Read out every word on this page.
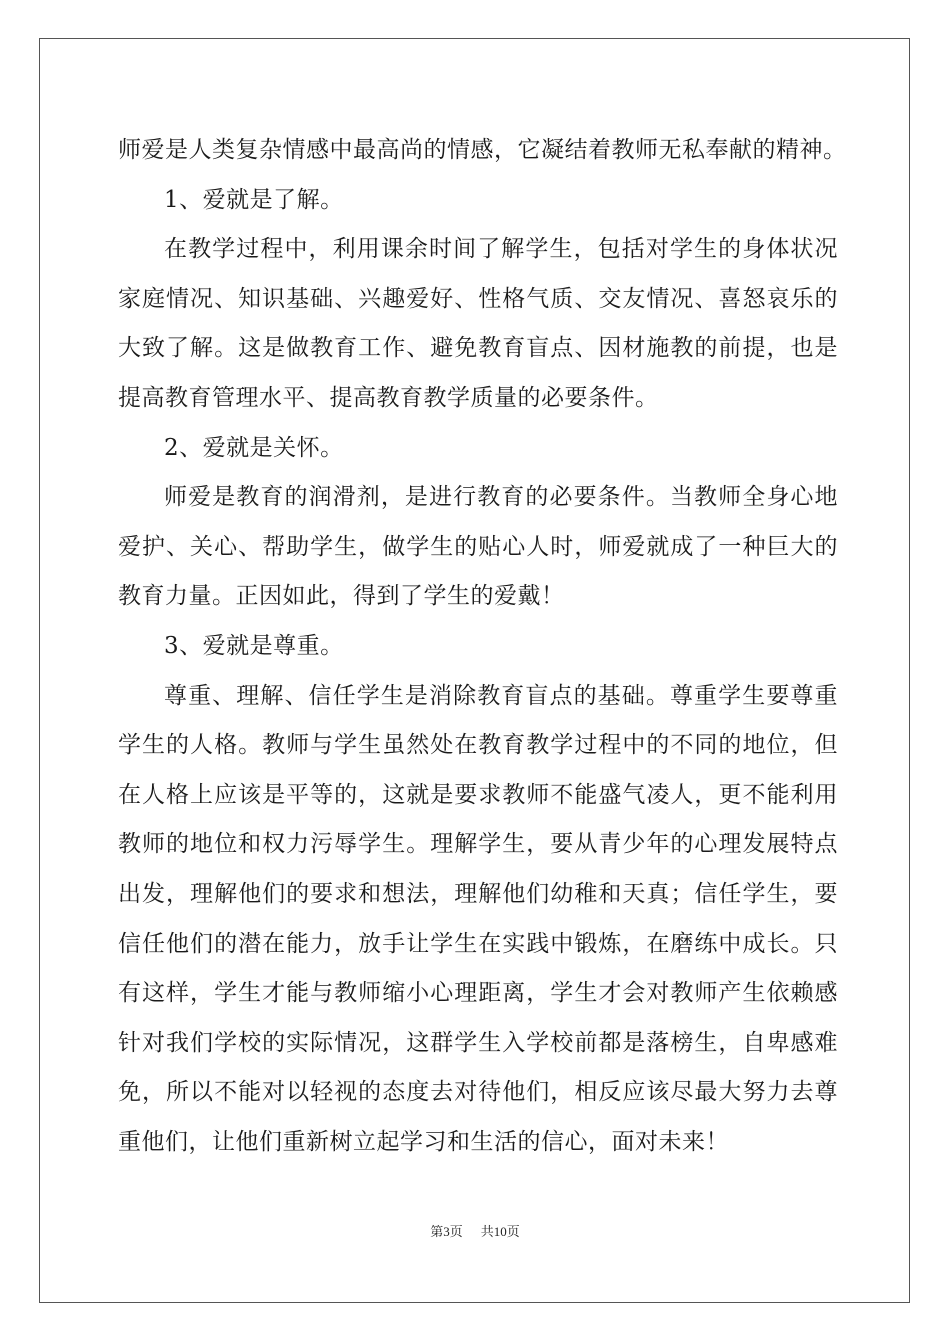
师爱是人类复杂情感中最高尚的情感，它凝结着教师无私奉献的精神。
1、爱就是了解。
在教学过程中，利用课余时间了解学生，包括对学生的身体状况
家庭情况、知识基础、兴趣爱好、性格气质、交友情况、喜怒哀乐的
大致了解。这是做教育工作、避免教育盲点、因材施教的前提，也是
提高教育管理水平、提高教育教学质量的必要条件。
2、爱就是关怀。
师爱是教育的润滑剂，是进行教育的必要条件。当教师全身心地
爱护、关心、帮助学生，做学生的贴心人时，师爱就成了一种巨大的
教育力量。正因如此，得到了学生的爱戴！
3、爱就是尊重。
尊重、理解、信任学生是消除教育盲点的基础。尊重学生要尊重
学生的人格。教师与学生虽然处在教育教学过程中的不同的地位，但
在人格上应该是平等的，这就是要求教师不能盛气凌人，更不能利用
教师的地位和权力污辱学生。理解学生，要从青少年的心理发展特点
出发，理解他们的要求和想法，理解他们幼稚和天真；信任学生，要
信任他们的潜在能力，放手让学生在实践中锻炼，在磨练中成长。只
有这样，学生才能与教师缩小心理距离，学生才会对教师产生依赖感
针对我们学校的实际情况，这群学生入学校前都是落榜生，自卑感难
免，所以不能对以轻视的态度去对待他们，相反应该尽最大努力去尊
重他们，让他们重新树立起学习和生活的信心，面对未来！
第3页 共10页
